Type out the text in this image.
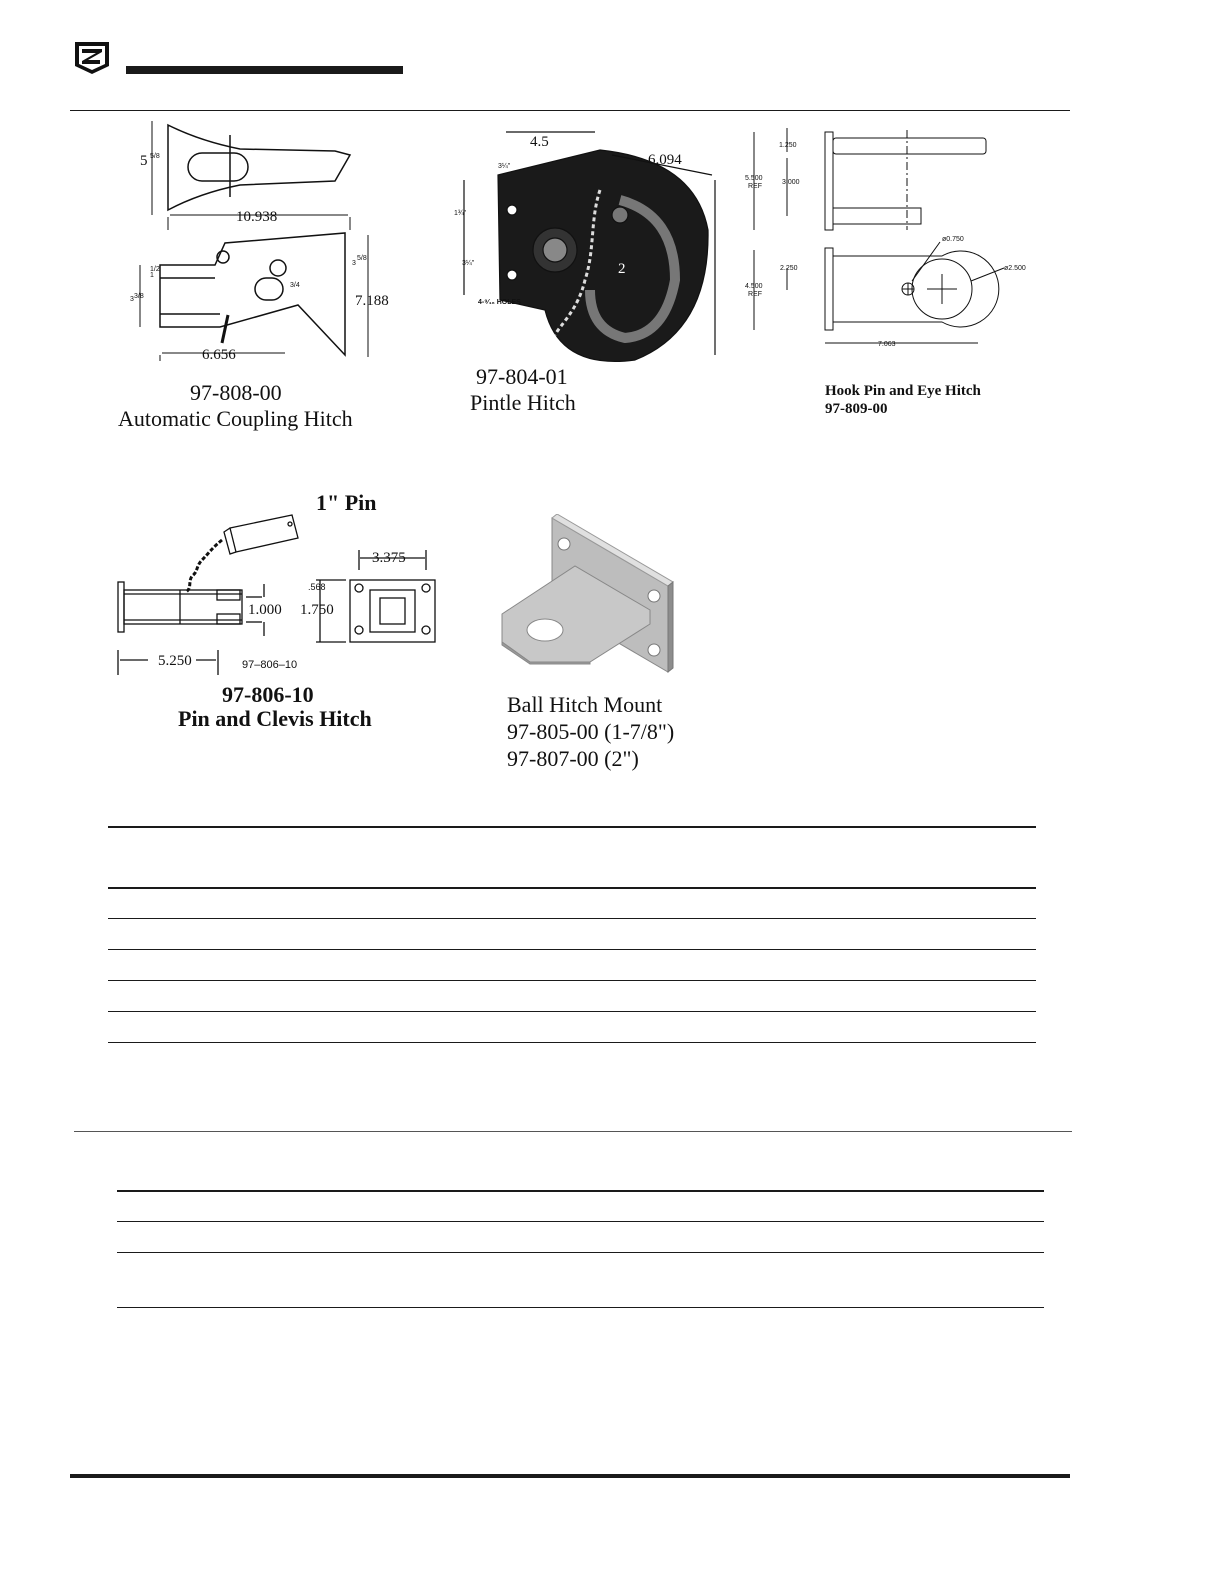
5 5/8
10.938
7.188
6.656
3 3/8
1
1/2
3
5/8
3/4
97-808-00
Automatic Coupling Hitch
4.5
6.094
3¼"
1¾"
3¼"	2
4-⁹⁄₁₆ HOLES
97-804-01
Pintle Hitch
1.250
5.500
REF
3.000
2.250
4.500
REF
ø0.750
ø2.500
7.063
Hook Pin and Eye Hitch
97-809-00
1" Pin
3.375
.568
1.000 1.750
5.250	97–806–10
97-806-10
Pin and Clevis Hitch
Ball Hitch Mount
97-805-00 (1-7/8")
97-807-00 (2")
